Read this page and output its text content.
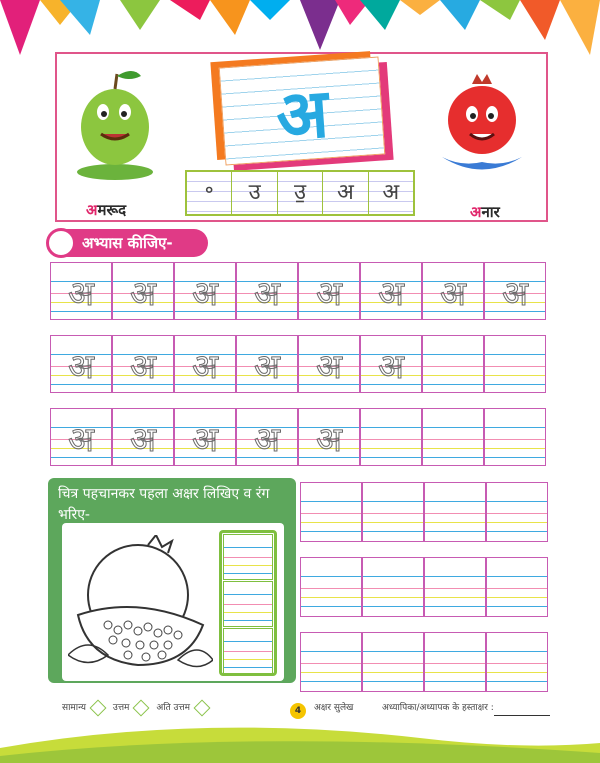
अमरूद
अ
॰	उ	उ॒	अ	अ
अनार
अभ्यास कीजिए-
अ	अ	अ	अ	अ	अ	अ	अ
अ	अ	अ	अ	अ	अ
अ	अ	अ	अ	अ
चित्र पहचानकर पहला अक्षर लिखिए व रंग भरिए-
सामान्य	उत्तम	अति उत्तम	4	अक्षर सुलेख	अध्यापिका/अध्यापक के हस्ताक्षर :
